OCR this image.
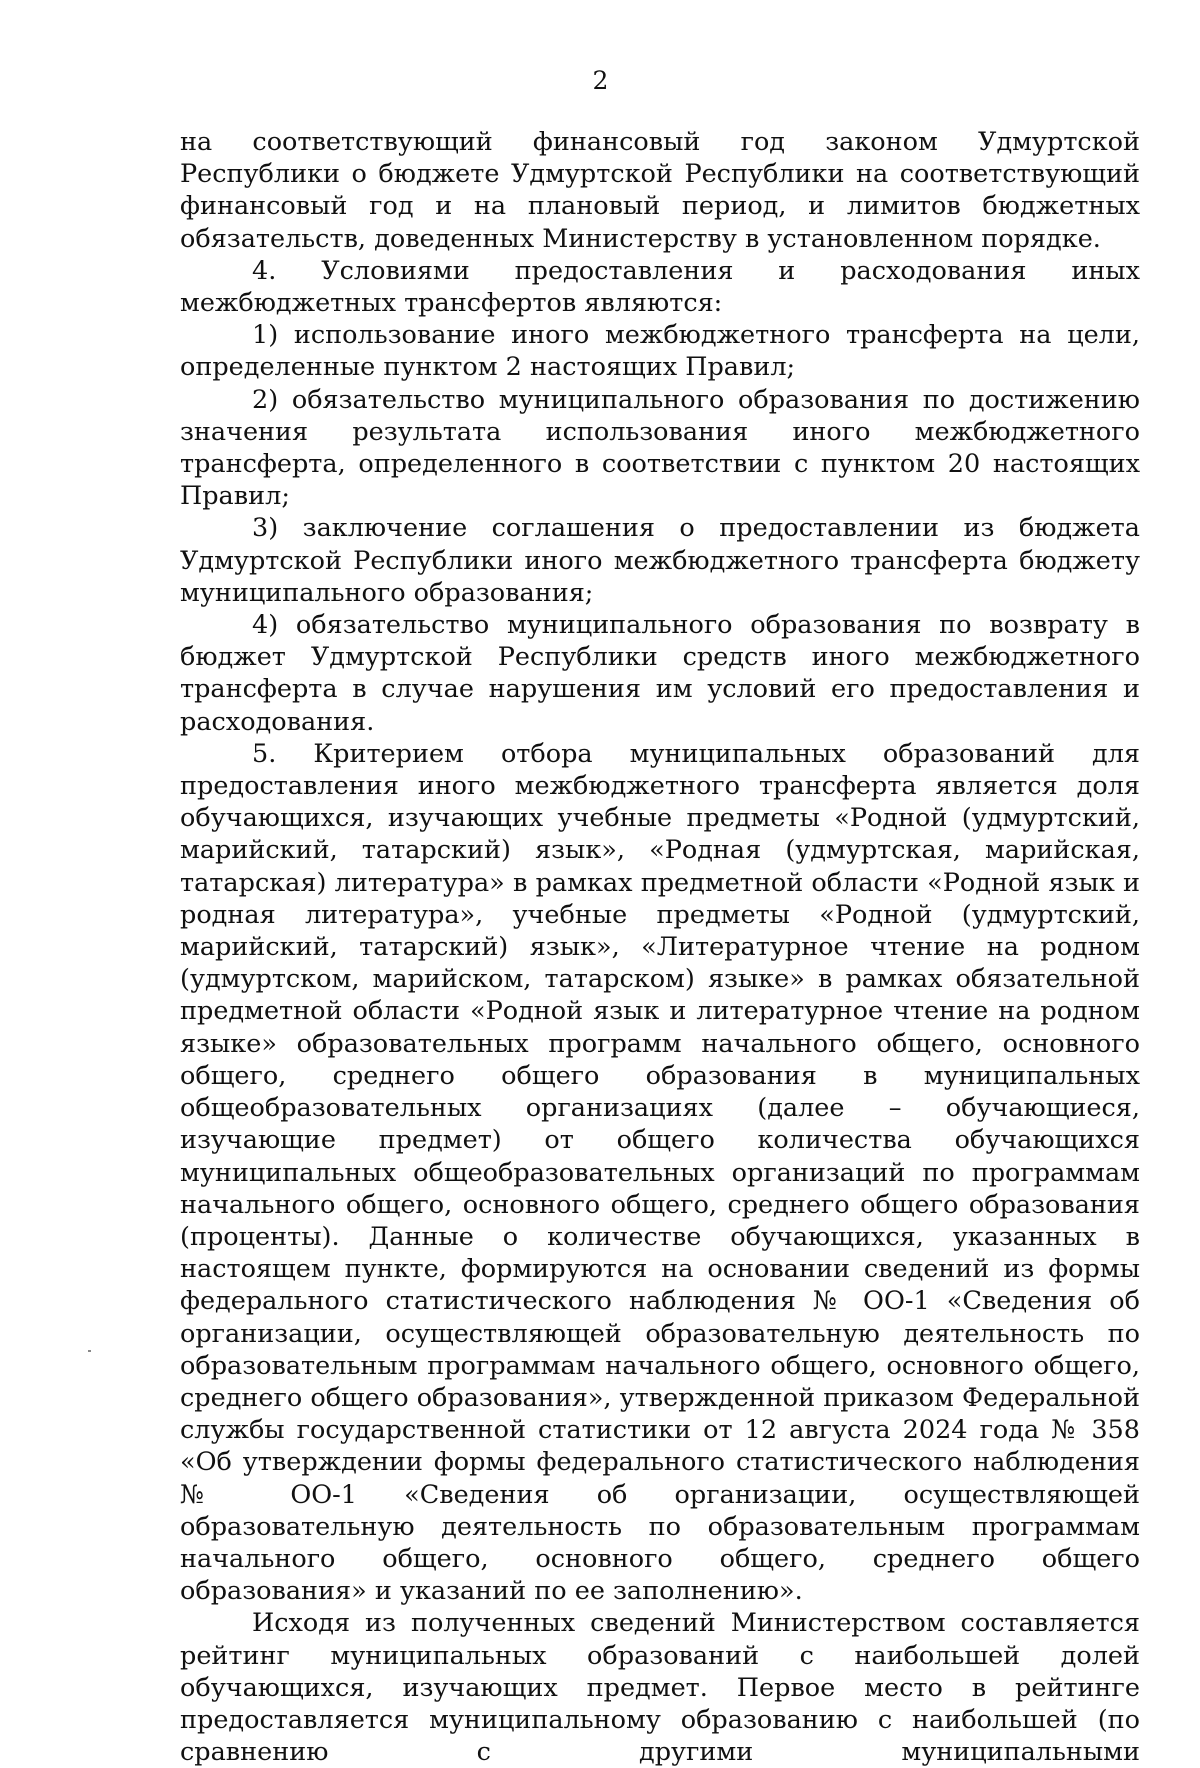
2

на соответствующий финансовый год законом Удмуртской Республики о бюджете Удмуртской Республики на соответствующий финансовый год и на плановый период, и лимитов бюджетных обязательств, доведенных Министерству в установленном порядке.

4. Условиями предоставления и расходования иных межбюджетных трансфертов являются:

1) использование иного межбюджетного трансферта на цели, определенные пунктом 2 настоящих Правил;

2) обязательство муниципального образования по достижению значения результата использования иного межбюджетного трансферта, определенного в соответствии с пунктом 20 настоящих Правил;

3) заключение соглашения о предоставлении из бюджета Удмуртской Республики иного межбюджетного трансферта бюджету муниципального образования;

4) обязательство муниципального образования по возврату в бюджет Удмуртской Республики средств иного межбюджетного трансферта в случае нарушения им условий его предоставления и расходования.

5. Критерием отбора муниципальных образований для предоставления иного межбюджетного трансферта является доля обучающихся, изучающих учебные предметы «Родной (удмуртский, марийский, татарский) язык», «Родная (удмуртская, марийская, татарская) литература» в рамках предметной области «Родной язык и родная литература», учебные предметы «Родной (удмуртский, марийский, татарский) язык», «Литературное чтение на родном (удмуртском, марийском, татарском) языке» в рамках обязательной предметной области «Родной язык и литературное чтение на родном языке» образовательных программ начального общего, основного общего, среднего общего образования в муниципальных общеобразовательных организациях (далее – обучающиеся, изучающие предмет) от общего количества обучающихся муниципальных общеобразовательных организаций по программам начального общего, основного общего, среднего общего образования (проценты). Данные о количестве обучающихся, указанных в настоящем пункте, формируются на основании сведений из формы федерального статистического наблюдения № ОО-1 «Сведения об организации, осуществляющей образовательную деятельность по образовательным программам начального общего, основного общего, среднего общего образования», утвержденной приказом Федеральной службы государственной статистики от 12 августа 2024 года № 358 «Об утверждении формы федерального статистического наблюдения № ОО-1 «Сведения об организации, осуществляющей образовательную деятельность по образовательным программам начального общего, основного общего, среднего общего образования» и указаний по ее заполнению».

Исходя из полученных сведений Министерством составляется рейтинг муниципальных образований с наибольшей долей обучающихся, изучающих предмет. Первое место в рейтинге предоставляется муниципальному образованию с наибольшей (по сравнению с другими муниципальными
